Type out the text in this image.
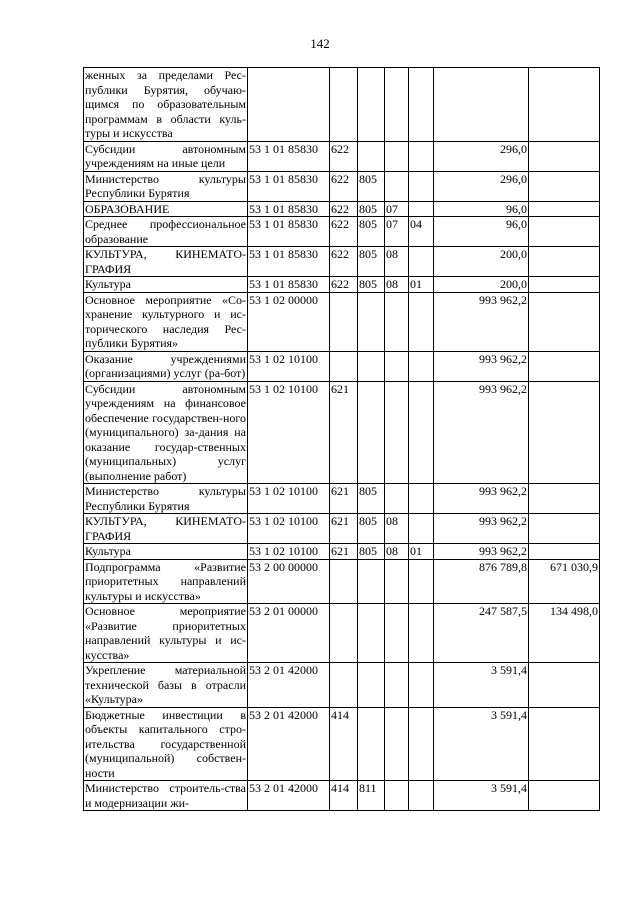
142
женных за пределами Рес-публики Бурятия, обучаю-щимся по образовательным программам в области куль-туры и искусства							
Субсидии автономным учреждениям на иные цели	53 1 01 85830	622				296,0	
Министерство культуры Республики Бурятия	53 1 01 85830	622	805			296,0	
ОБРАЗОВАНИЕ	53 1 01 85830	622	805	07		96,0	
Среднее профессиональное образование	53 1 01 85830	622	805	07	04	96,0	
КУЛЬТУРА, КИНЕМАТО-ГРАФИЯ	53 1 01 85830	622	805	08		200,0	
Культура	53 1 01 85830	622	805	08	01	200,0	
Основное мероприятие «Со-хранение культурного и ис-торического наследия Рес-публики Бурятия»	53 1 02 00000					993 962,2	
Оказание учреждениями (организациями) услуг (ра-бот)	53 1 02 10100					993 962,2	
Субсидии автономным учреждениям на финансовое обеспечение государствен-ного (муниципального) за-дания на оказание государ-ственных (муниципальных) услуг (выполнение работ)	53 1 02 10100	621				993 962,2	
Министерство культуры Республики Бурятия	53 1 02 10100	621	805			993 962,2	
КУЛЬТУРА, КИНЕМАТО-ГРАФИЯ	53 1 02 10100	621	805	08		993 962,2	
Культура	53 1 02 10100	621	805	08	01	993 962,2	
Подпрограмма «Развитие приоритетных направлений культуры и искусства»	53 2 00 00000					876 789,8	671 030,9
Основное мероприятие «Развитие приоритетных направлений культуры и ис-кусства»	53 2 01 00000					247 587,5	134 498,0
Укрепление материальной технической базы в отрасли «Культура»	53 2 01 42000					3 591,4	
Бюджетные инвестиции в объекты капитального стро-ительства государственной (муниципальной) собствен-ности	53 2 01 42000	414				3 591,4	
Министерство строитель-ства и модернизации жи-	53 2 01 42000	414	811			3 591,4	
